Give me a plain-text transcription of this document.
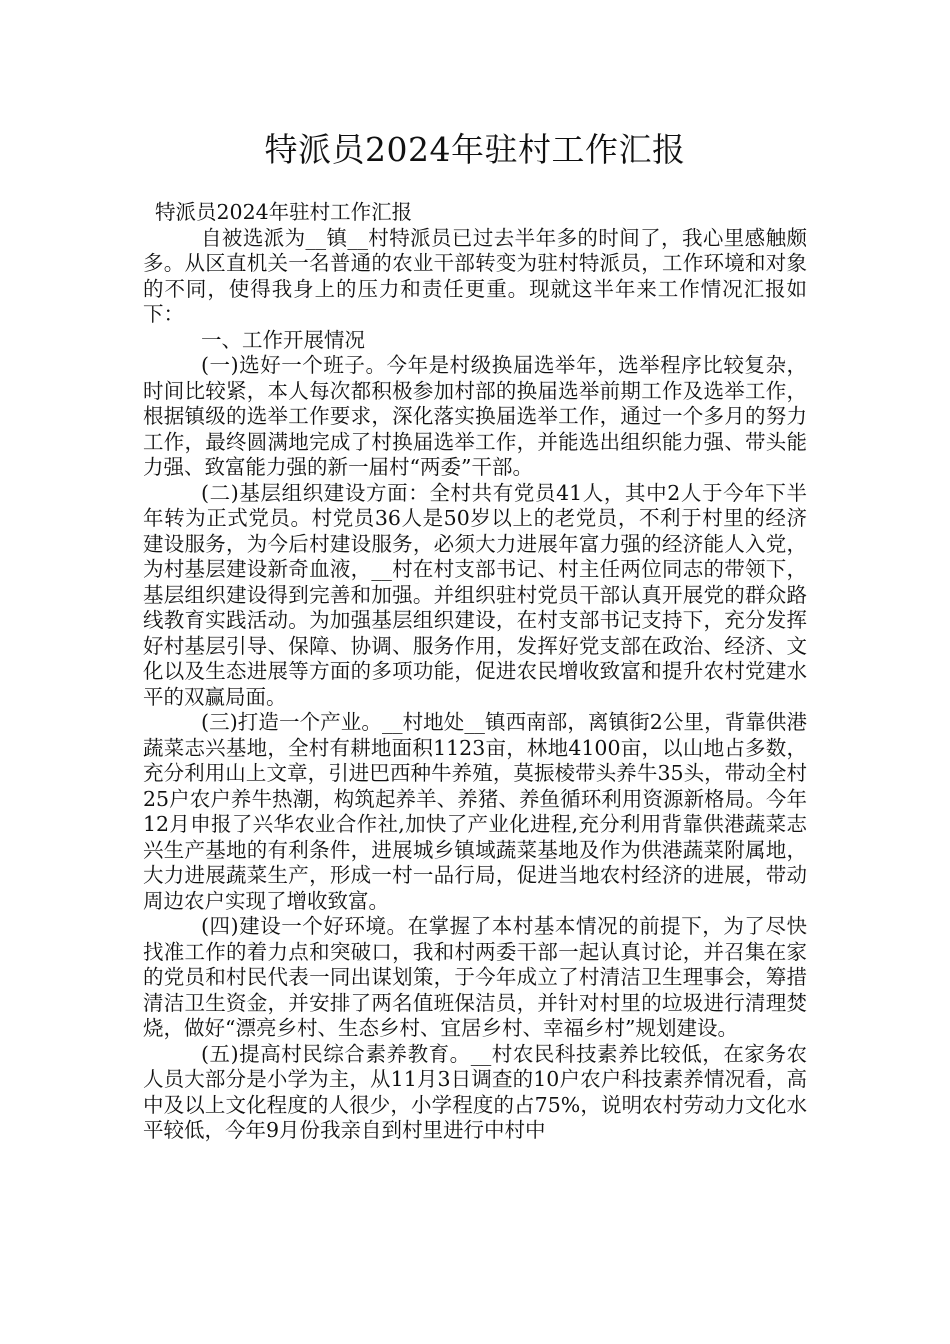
特派员2024年驻村工作汇报

特派员2024年驻村工作汇报

自被选派为__镇__村特派员已过去半年多的时间了，我心里感触颇多。从区直机关一名普通的农业干部转变为驻村特派员，工作环境和对象的不同，使得我身上的压力和责任更重。现就这半年来工作情况汇报如下：

一、工作开展情况

(一)选好一个班子。今年是村级换届选举年，选举程序比较复杂，时间比较紧，本人每次都积极参加村部的换届选举前期工作及选举工作，根据镇级的选举工作要求，深化落实换届选举工作，通过一个多月的努力工作，最终圆满地完成了村换届选举工作，并能选出组织能力强、带头能力强、致富能力强的新一届村“两委”干部。

(二)基层组织建设方面：全村共有党员41人，其中2人于今年下半年转为正式党员。村党员36人是50岁以上的老党员，不利于村里的经济建设服务，为今后村建设服务，必须大力进展年富力强的经济能人入党，为村基层建设新奇血液，__村在村支部书记、村主任两位同志的带领下，基层组织建设得到完善和加强。并组织驻村党员干部认真开展党的群众路线教育实践活动。为加强基层组织建设，在村支部书记支持下，充分发挥好村基层引导、保障、协调、服务作用，发挥好党支部在政治、经济、文化以及生态进展等方面的多项功能，促进农民增收致富和提升农村党建水平的双赢局面。

(三)打造一个产业。__村地处__镇西南部，离镇街2公里，背靠供港蔬菜志兴基地，全村有耕地面积1123亩，林地4100亩，以山地占多数，充分利用山上文章，引进巴西种牛养殖，莫振棱带头养牛35头，带动全村25户农户养牛热潮，构筑起养羊、养猪、养鱼循环利用资源新格局。今年12月申报了兴华农业合作社,加快了产业化进程,充分利用背靠供港蔬菜志兴生产基地的有利条件，进展城乡镇域蔬菜基地及作为供港蔬菜附属地，大力进展蔬菜生产，形成一村一品行局，促进当地农村经济的进展，带动周边农户实现了增收致富。

(四)建设一个好环境。在掌握了本村基本情况的前提下，为了尽快找准工作的着力点和突破口，我和村两委干部一起认真讨论，并召集在家的党员和村民代表一同出谋划策，于今年成立了村清洁卫生理事会，筹措清洁卫生资金，并安排了两名值班保洁员，并针对村里的垃圾进行清理焚烧，做好“漂亮乡村、生态乡村、宜居乡村、幸福乡村”规划建设。

(五)提高村民综合素养教育。__村农民科技素养比较低，在家务农人员大部分是小学为主，从11月3日调查的10户农户科技素养情况看，高中及以上文化程度的人很少，小学程度的占75%，说明农村劳动力文化水平较低，今年9月份我亲自到村里进行中村中
